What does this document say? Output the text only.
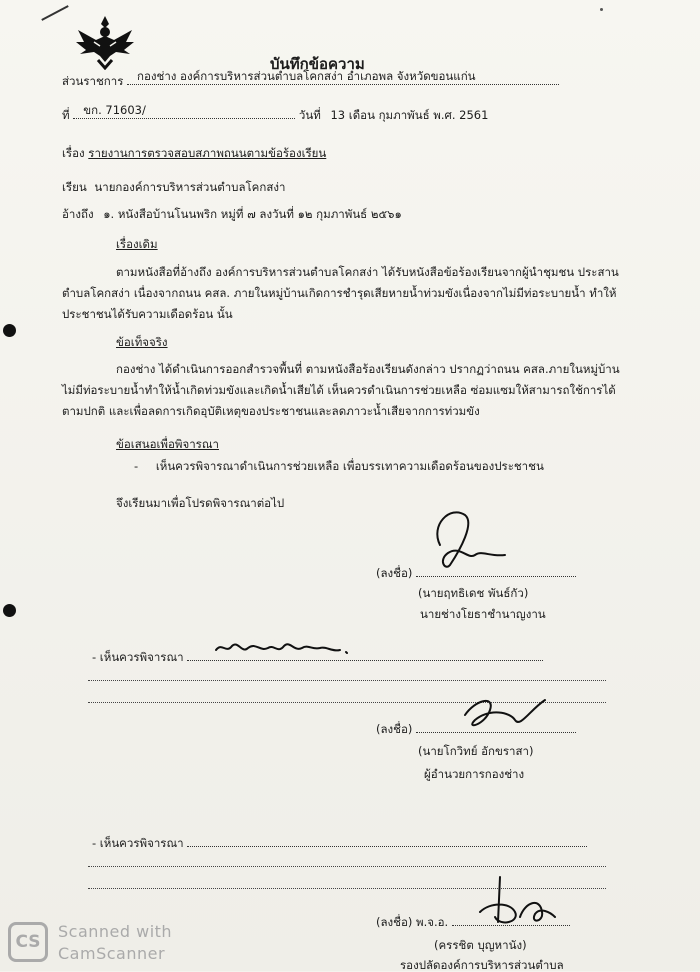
บันทึกข้อความ
ส่วนราชการ กองช่าง องค์การบริหารส่วนตำบลโคกสง่า อำเภอพล จังหวัดขอนแก่น
ที่ ขก. 71603/	วันที่ 13 เดือน กุมภาพันธ์ พ.ศ. 2561
เรื่อง รายงานการตรวจสอบสภาพถนนตามข้อร้องเรียน
เรียน นายกองค์การบริหารส่วนตำบลโคกสง่า
อ้างถึง ๑. หนังสือบ้านโนนพริก หมู่ที่ ๗ ลงวันที่ ๑๒ กุมภาพันธ์ ๒๕๖๑
เรื่องเดิม
ตามหนังสือที่อ้างถึง องค์การบริหารส่วนตำบลโคกสง่า ได้รับหนังสือข้อร้องเรียนจากผู้นำชุมชน ประสาน ตำบลโคกสง่า เนื่องจากถนน คสล. ภายในหมู่บ้านเกิดการชำรุดเสียหายน้ำท่วมขังเนื่องจากไม่มีท่อระบายน้ำ ทำให้ประชาชนได้รับความเดือดร้อน นั้น
ข้อเท็จจริง
กองช่าง ได้ดำเนินการออกสำรวจพื้นที่ ตามหนังสือร้องเรียนดังกล่าว ปรากฏว่าถนน คสล.ภายในหมู่บ้าน ไม่มีท่อระบายน้ำทำให้น้ำเกิดท่วมขังและเกิดน้ำเสียได้ เห็นควรดำเนินการช่วยเหลือ ซ่อมแซมให้สามารถใช้การได้ตามปกติ และเพื่อลดการเกิดอุบัติเหตุของประชาชนและลดภาวะน้ำเสียจากการท่วมขัง
ข้อเสนอเพื่อพิจารณา
- เห็นควรพิจารณาดำเนินการช่วยเหลือ เพื่อบรรเทาความเดือดร้อนของประชาชน
จึงเรียนมาเพื่อโปรดพิจารณาต่อไป
(ลงชื่อ)
(นายฤทธิเดช พันธ์กัว)
นายช่างโยธาชำนาญงาน
- เห็นควรพิจารณา
(ลงชื่อ)
(นายโกวิทย์ อักขราสา)
ผู้อำนวยการกองช่าง
- เห็นควรพิจารณา
(ลงชื่อ) พ.จ.อ.
(ครรชิต บุญหานัง)
รองปลัดองค์การบริหารส่วนตำบล
CS
Scanned with
CamScanner
